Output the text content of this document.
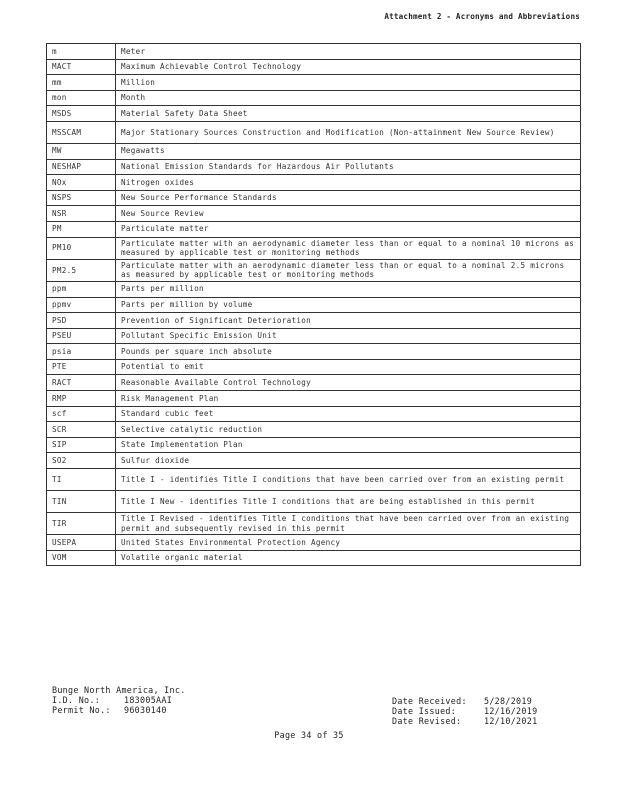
Attachment 2 - Acronyms and Abbreviations
m	Meter
MACT	Maximum Achievable Control Technology
mm	Million
mon	Month
MSDS	Material Safety Data Sheet
MSSCAM	Major Stationary Sources Construction and Modification (Non-attainment New Source Review)
MW	Megawatts
NESHAP	National Emission Standards for Hazardous Air Pollutants
NOx	Nitrogen oxides
NSPS	New Source Performance Standards
NSR	New Source Review
PM	Particulate matter
PM10	Particulate matter with an aerodynamic diameter less than or equal to a nominal 10 microns as measured by applicable test or monitoring methods
PM2.5	Particulate matter with an aerodynamic diameter less than or equal to a nominal 2.5 microns as measured by applicable test or monitoring methods
ppm	Parts per million
ppmv	Parts per million by volume
PSD	Prevention of Significant Deterioration
PSEU	Pollutant Specific Emission Unit
psia	Pounds per square inch absolute
PTE	Potential to emit
RACT	Reasonable Available Control Technology
RMP	Risk Management Plan
scf	Standard cubic feet
SCR	Selective catalytic reduction
SIP	State Implementation Plan
SO2	Sulfur dioxide
TI	Title I - identifies Title I conditions that have been carried over from an existing permit
TIN	Title I New - identifies Title I conditions that are being established in this permit
TIR	Title I Revised - identifies Title I conditions that have been carried over from an existing permit and subsequently revised in this permit
USEPA	United States Environmental Protection Agency
VOM	Volatile organic material
Bunge North America, Inc.
I.D. No.:	183005AAI
Permit No.:	96030140
Date Received:	5/28/2019
Date Issued:	12/16/2019
Date Revised:	12/10/2021
Page 34 of 35
